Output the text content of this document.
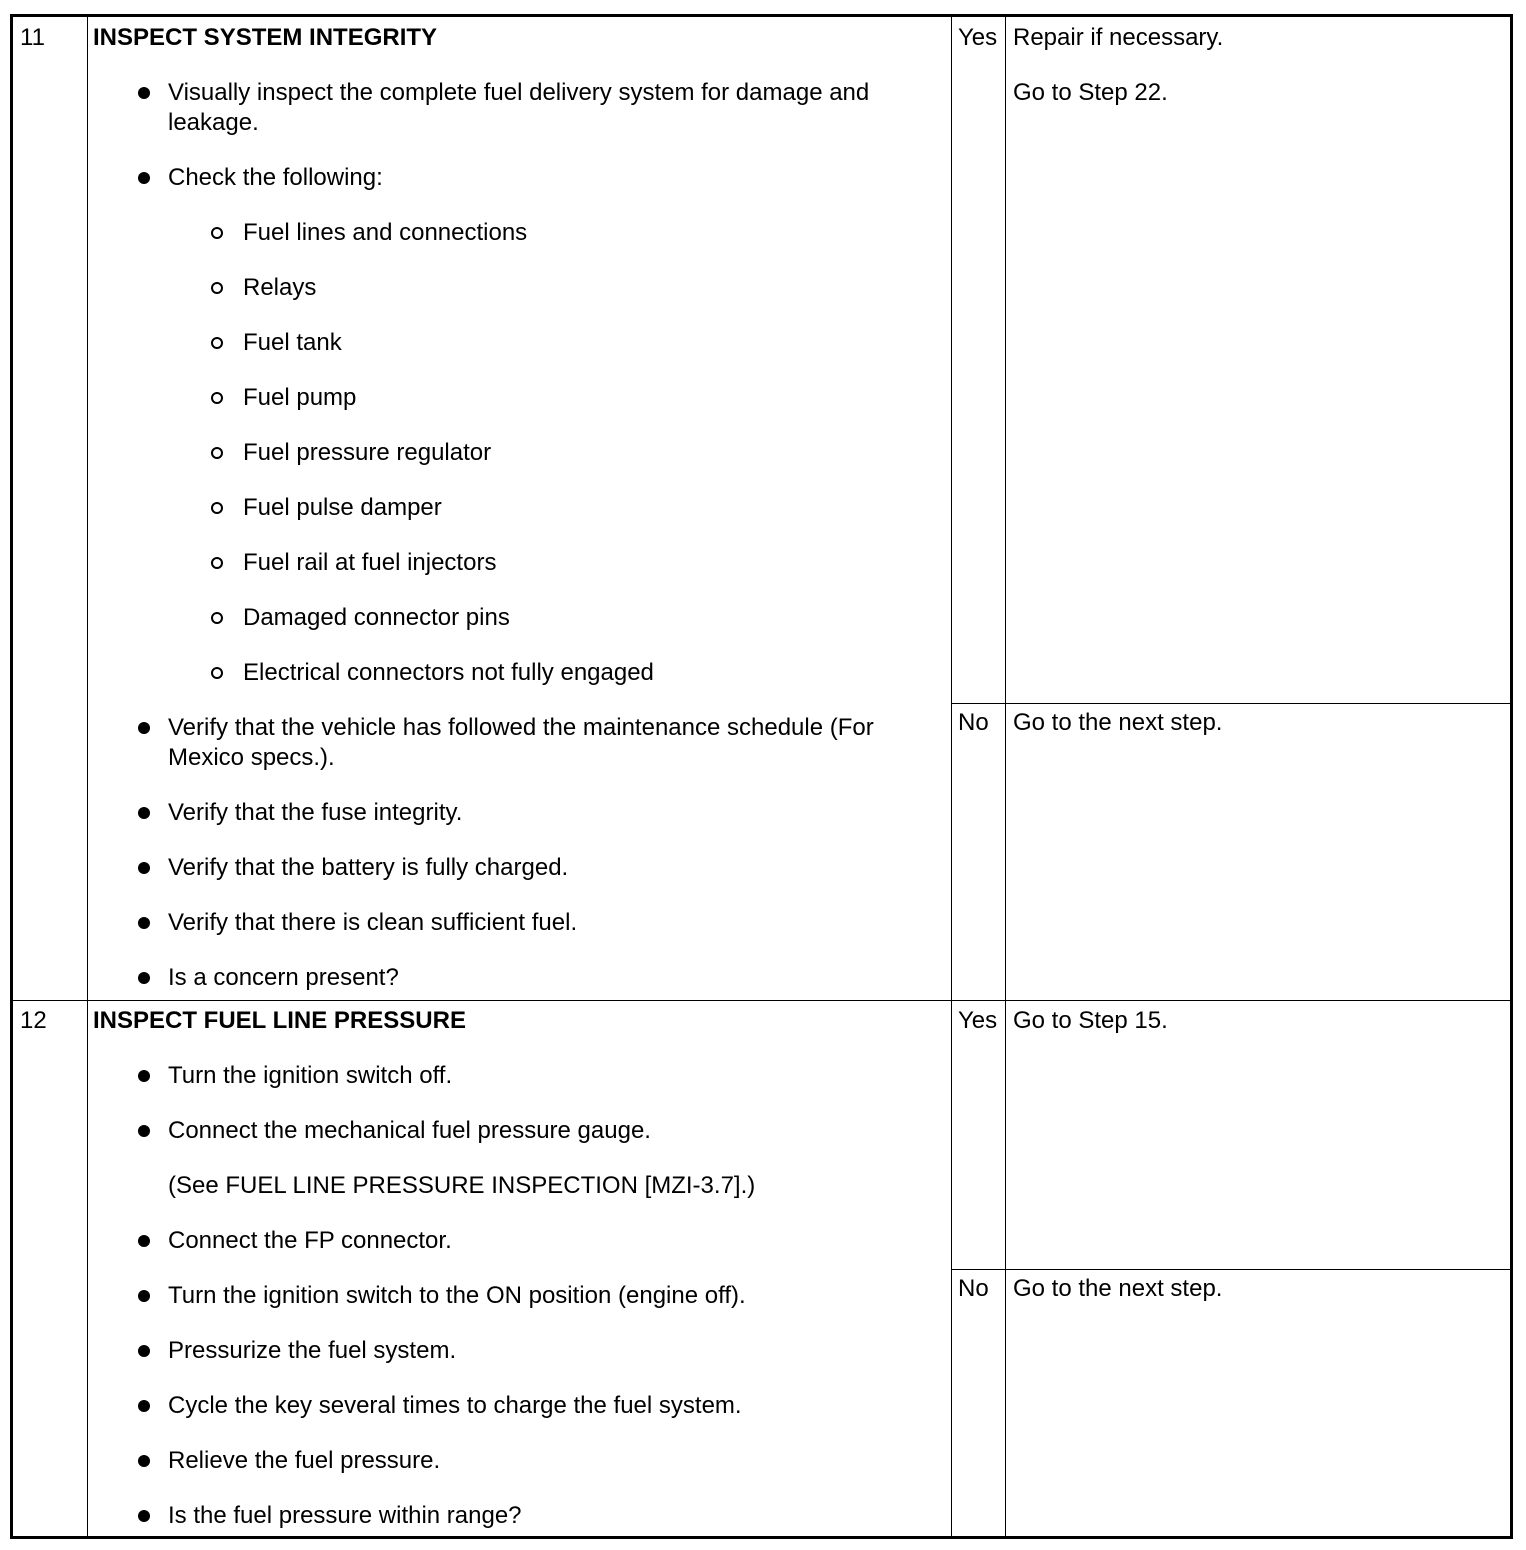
11 INSPECT SYSTEM INTEGRITY
Visually inspect the complete fuel delivery system for damage and
leakage.
Check the following:
Fuel lines and connections
Relays
Fuel tank
Fuel pump
Fuel pressure regulator
Fuel pulse damper
Fuel rail at fuel injectors
Damaged connector pins
Electrical connectors not fully engaged
Verify that the vehicle has followed the maintenance schedule (For
Mexico specs.).
Verify that the fuse integrity.
Verify that the battery is fully charged.
Verify that there is clean sufficient fuel.
Is a concern present?
Yes Repair if necessary.
Go to Step 22.
No Go to the next step.
12 INSPECT FUEL LINE PRESSURE
Turn the ignition switch off.
Connect the mechanical fuel pressure gauge.
(See FUEL LINE PRESSURE INSPECTION [MZI-3.7].)
Connect the FP connector.
Turn the ignition switch to the ON position (engine off).
Pressurize the fuel system.
Cycle the key several times to charge the fuel system.
Relieve the fuel pressure.
Is the fuel pressure within range?
Yes Go to Step 15.
No Go to the next step.
